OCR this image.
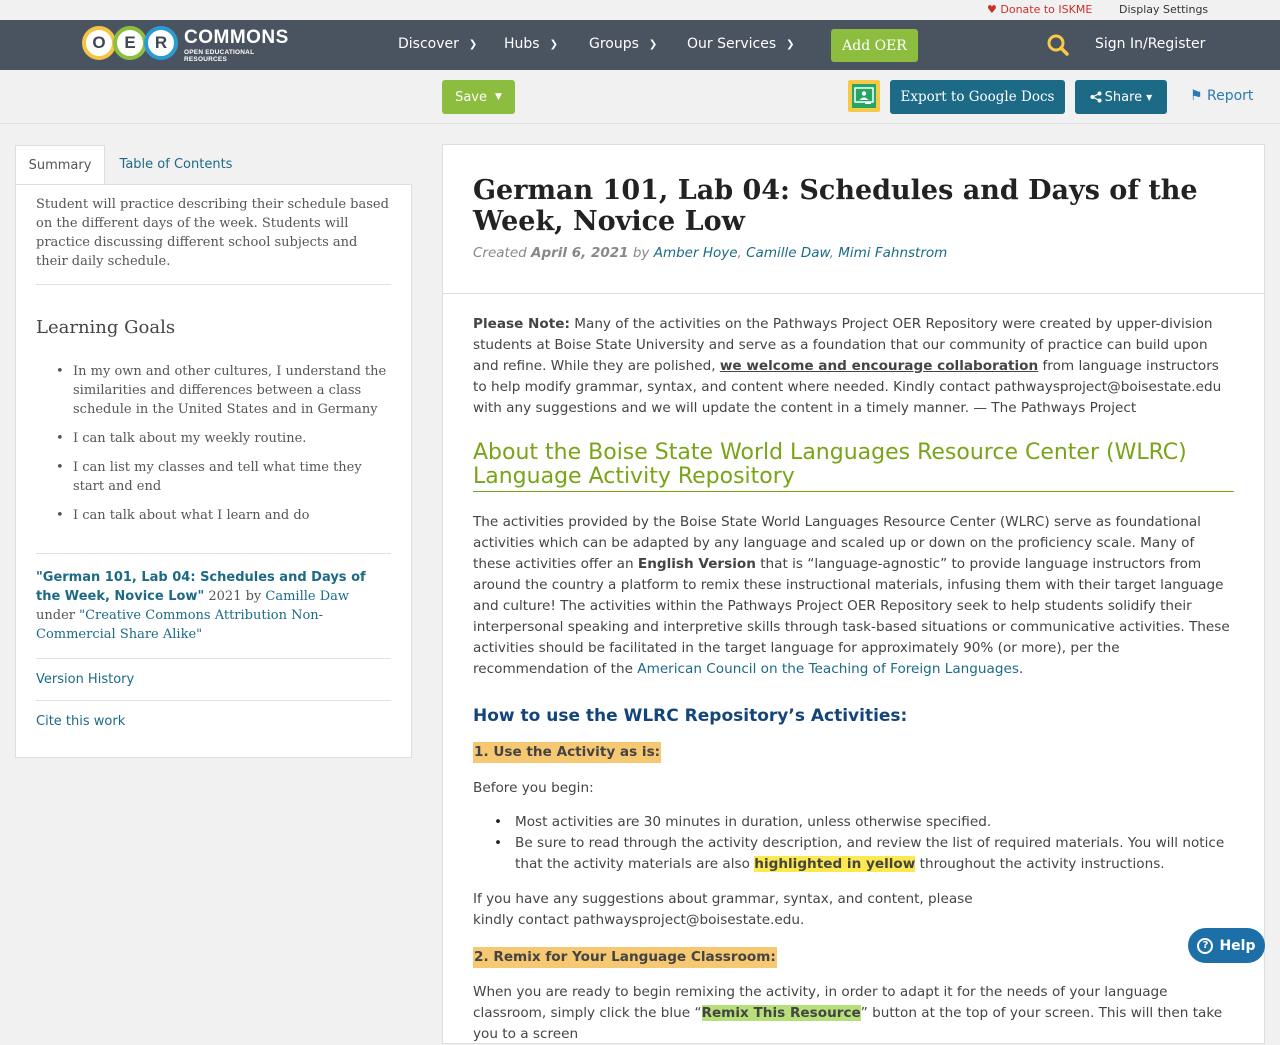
♥ Donate to ISKME Display Settings
O	E	R COMMONS
OPEN EDUCATIONAL RESOURCES
Discover ❯ Hubs ❯ Groups ❯ Our Services ❯	Add OER	Sign In/Register
Save ▼	Export to Google Docs	Share ▼	⚑ Report
Summary	Table of Contents
Student will practice describing their schedule based on the different days of the week. Students will practice discussing different school subjects and their daily schedule.
Learning Goals
• In my own and other cultures, I understand the similarities and differences between a class schedule in the United States and in Germany
• I can talk about my weekly routine.
• I can list my classes and tell what time they start and end
• I can talk about what I learn and do
"German 101, Lab 04: Schedules and Days of the Week, Novice Low" 2021 by Camille Daw
under "Creative Commons Attribution Non-Commercial Share Alike"
Version History
Cite this work
German 101, Lab 04: Schedules and Days of the Week, Novice Low
Created April 6, 2021 by Amber Hoye, Camille Daw, Mimi Fahnstrom

Please Note: Many of the activities on the Pathways Project OER Repository were created by upper-division students at Boise State University and serve as a foundation that our community of practice can build upon and refine. While they are polished, we welcome and encourage collaboration from language instructors to help modify grammar, syntax, and content where needed. Kindly contact pathwaysproject@boisestate.edu with any suggestions and we will update the content in a timely manner. — The Pathways Project

About the Boise State World Languages Resource Center (WLRC) Language Activity Repository

The activities provided by the Boise State World Languages Resource Center (WLRC) serve as foundational activities which can be adapted by any language and scaled up or down on the proficiency scale. Many of these activities offer an English Version that is “language-agnostic” to provide language instructors from around the country a platform to remix these instructional materials, infusing them with their target language and culture! The activities within the Pathways Project OER Repository seek to help students solidify their interpersonal speaking and interpretive skills through task-based situations or communicative activities. These activities should be facilitated in the target language for approximately 90% (or more), per the recommendation of the American Council on the Teaching of Foreign Languages.

How to use the WLRC Repository’s Activities:
1. Use the Activity as is:

Before you begin:

• Most activities are 30 minutes in duration, unless otherwise specified.
• Be sure to read through the activity description, and review the list of required materials. You will notice that the activity materials are also highlighted in yellow throughout the activity instructions.

If you have any suggestions about grammar, syntax, and content, please kindly contact pathwaysproject@boisestate.edu.

2. Remix for Your Language Classroom:

When you are ready to begin remixing the activity, in order to adapt it for the needs of your language classroom, simply click the blue “Remix This Resource” button at the top of your screen. This will then take you to a screen

? Help
